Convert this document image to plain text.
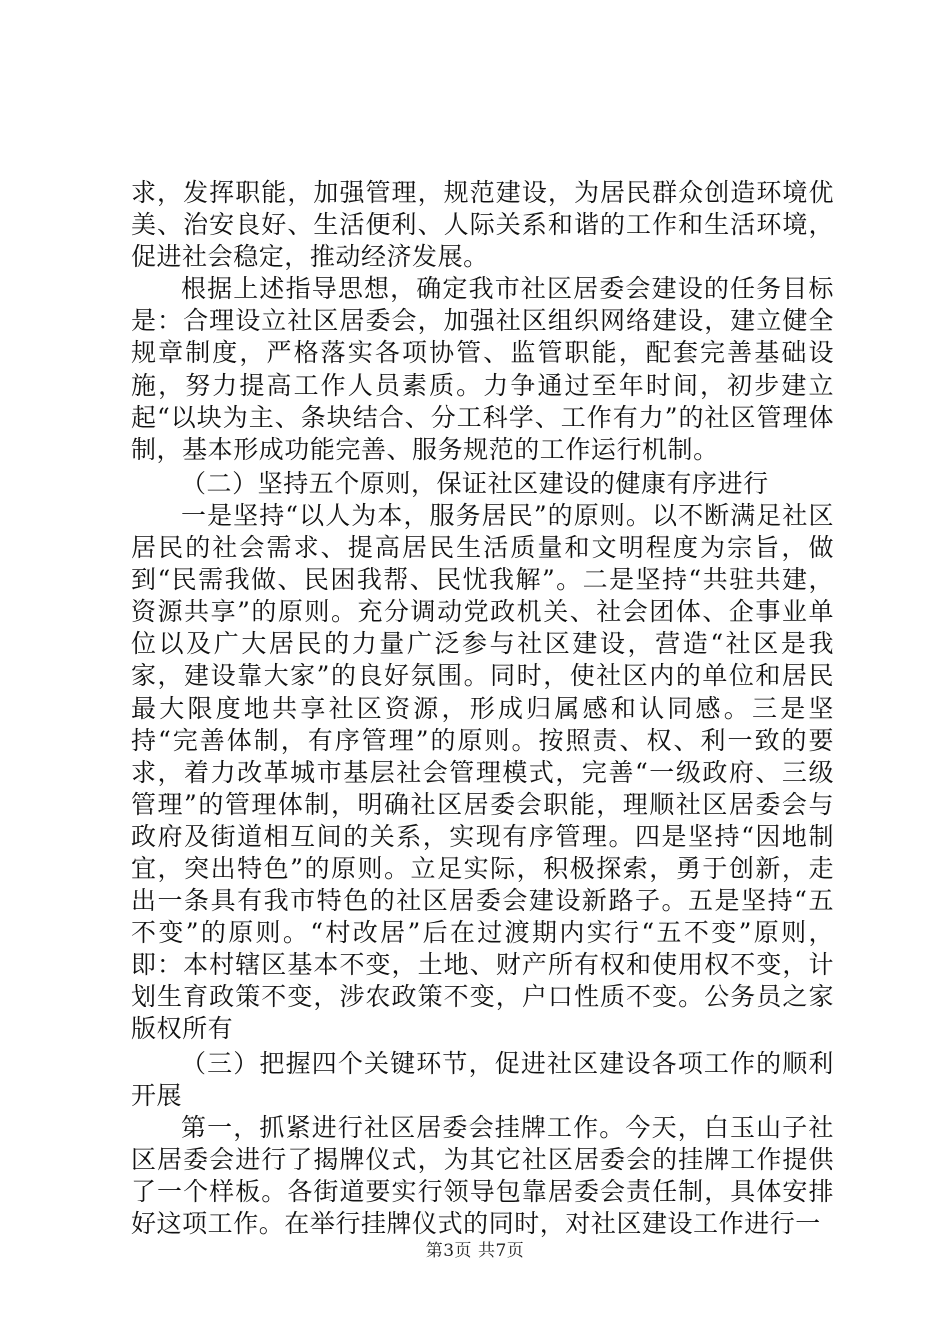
求，发挥职能，加强管理，规范建设，为居民群众创造环境优美、治安良好、生活便利、人际关系和谐的工作和生活环境，促进社会稳定，推动经济发展。

根据上述指导思想，确定我市社区居委会建设的任务目标是：合理设立社区居委会，加强社区组织网络建设，建立健全规章制度，严格落实各项协管、监管职能，配套完善基础设施，努力提高工作人员素质。力争通过至年时间，初步建立起“以块为主、条块结合、分工科学、工作有力”的社区管理体制，基本形成功能完善、服务规范的工作运行机制。

（二）坚持五个原则，保证社区建设的健康有序进行

一是坚持“以人为本，服务居民”的原则。以不断满足社区居民的社会需求、提高居民生活质量和文明程度为宗旨，做到“民需我做、民困我帮、民忧我解”。二是坚持“共驻共建，资源共享”的原则。充分调动党政机关、社会团体、企事业单位以及广大居民的力量广泛参与社区建设，营造“社区是我家，建设靠大家”的良好氛围。同时，使社区内的单位和居民最大限度地共享社区资源，形成归属感和认同感。三是坚持“完善体制，有序管理”的原则。按照责、权、利一致的要求，着力改革城市基层社会管理模式，完善“一级政府、三级管理”的管理体制，明确社区居委会职能，理顺社区居委会与政府及街道相互间的关系，实现有序管理。四是坚持“因地制宜，突出特色”的原则。立足实际，积极探索，勇于创新，走出一条具有我市特色的社区居委会建设新路子。五是坚持“五不变”的原则。“村改居”后在过渡期内实行“五不变”原则，即：本村辖区基本不变，土地、财产所有权和使用权不变，计划生育政策不变，涉农政策不变，户口性质不变。公务员之家版权所有

（三）把握四个关键环节，促进社区建设各项工作的顺利开展

第一，抓紧进行社区居委会挂牌工作。今天，白玉山子社区居委会进行了揭牌仪式，为其它社区居委会的挂牌工作提供了一个样板。各街道要实行领导包靠居委会责任制，具体安排好这项工作。在举行挂牌仪式的同时，对社区建设工作进行一

第3页 共7页
